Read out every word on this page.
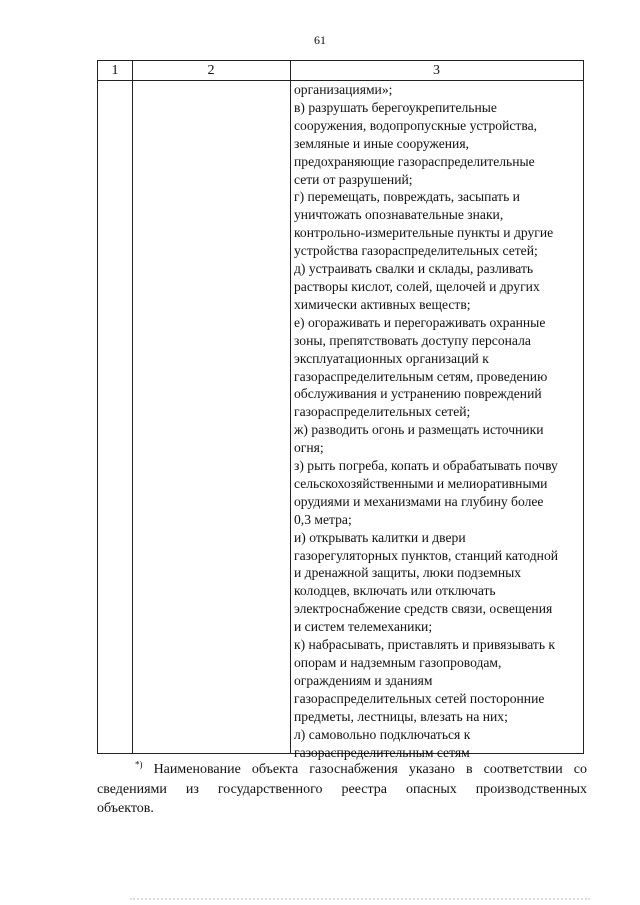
61
1	2	3
организациями»;
в) разрушать берегоукрепительные
сооружения, водопропускные устройства,
земляные и иные сооружения,
предохраняющие газораспределительные
сети от разрушений;
г) перемещать, повреждать, засыпать и
уничтожать опознавательные знаки,
контрольно-измерительные пункты и другие
устройства газораспределительных сетей;
д) устраивать свалки и склады, разливать
растворы кислот, солей, щелочей и других
химически активных веществ;
е) огораживать и перегораживать охранные
зоны, препятствовать доступу персонала
эксплуатационных организаций к
газораспределительным сетям, проведению
обслуживания и устранению повреждений
газораспределительных сетей;
ж) разводить огонь и размещать источники
огня;
з) рыть погреба, копать и обрабатывать почву
сельскохозяйственными и мелиоративными
орудиями и механизмами на глубину более
0,3 метра;
и) открывать калитки и двери
газорегуляторных пунктов, станций катодной
и дренажной защиты, люки подземных
колодцев, включать или отключать
электроснабжение средств связи, освещения
и систем телемеханики;
к) набрасывать, приставлять и привязывать к
опорам и надземным газопроводам,
ограждениям и зданиям
газораспределительных сетей посторонние
предметы, лестницы, влезать на них;
л) самовольно подключаться к
газораспределительным сетям
*) Наименование объекта газоснабжения указано в соответствии со
сведениями из государственного реестра опасных производственных
объектов.
